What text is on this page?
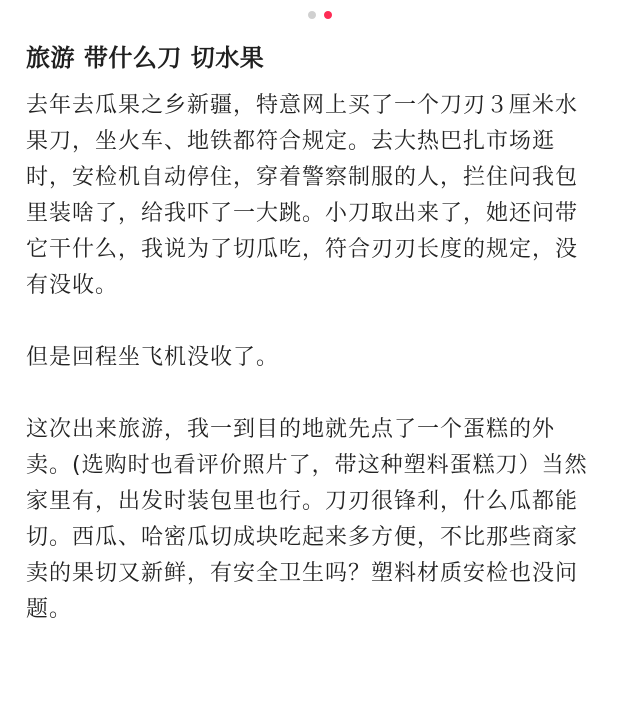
旅游 带什么刀 切水果

去年去瓜果之乡新疆，特意网上买了一个刀刃３厘米水
果刀，坐火车、地铁都符合规定。去大热巴扎市场逛
时，安检机自动停住，穿着警察制服的人，拦住问我包
里装啥了，给我吓了一大跳。小刀取出来了，她还问带
它干什么，我说为了切瓜吃，符合刃刃长度的规定，没
有没收。

但是回程坐飞机没收了。

这次出来旅游，我一到目的地就先点了一个蛋糕的外
卖。(选购时也看评价照片了，带这种塑料蛋糕刀）当然
家里有，出发时装包里也行。刀刃很锋利，什么瓜都能
切。西瓜、哈密瓜切成块吃起来多方便，不比那些商家
卖的果切又新鲜，有安全卫生吗？塑料材质安检也没问
题。
